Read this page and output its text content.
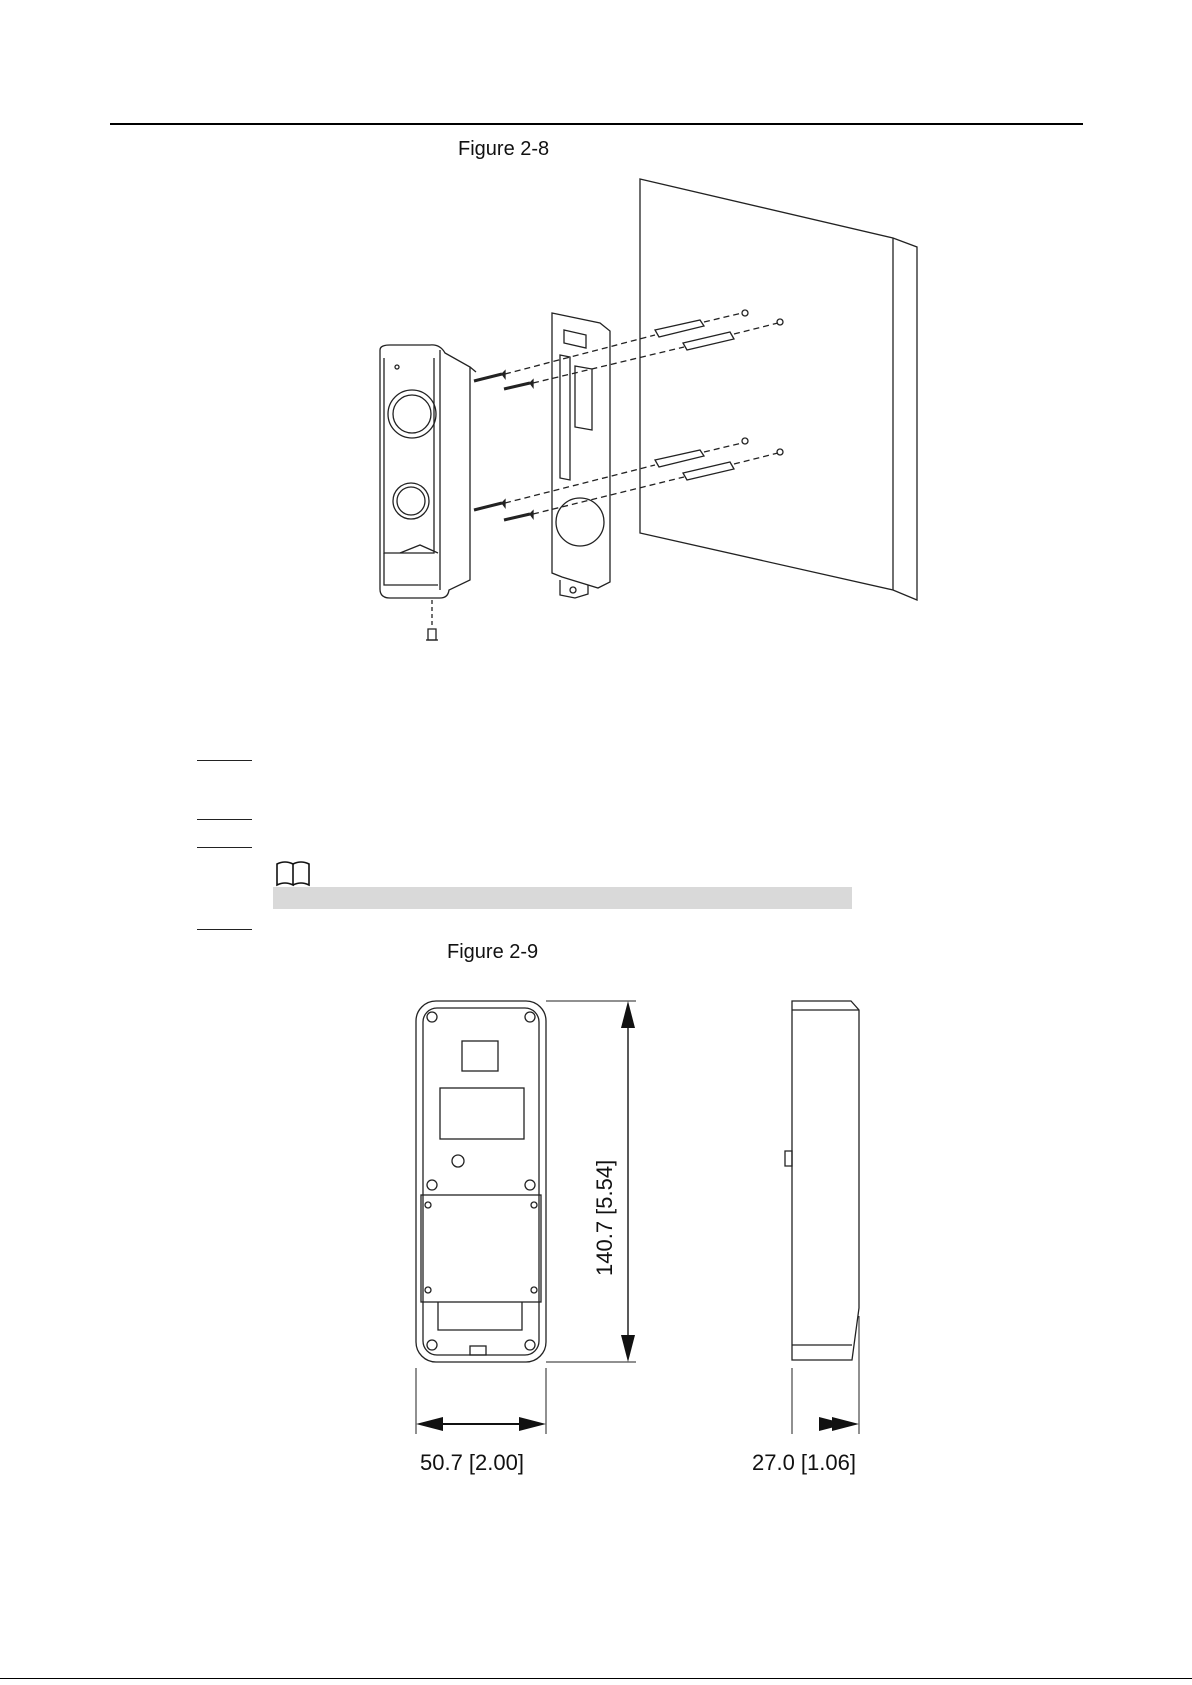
Figure 2-8
Figure 2-9
140.7 [5.54]
50.7 [2.00]	27.0 [1.06]
